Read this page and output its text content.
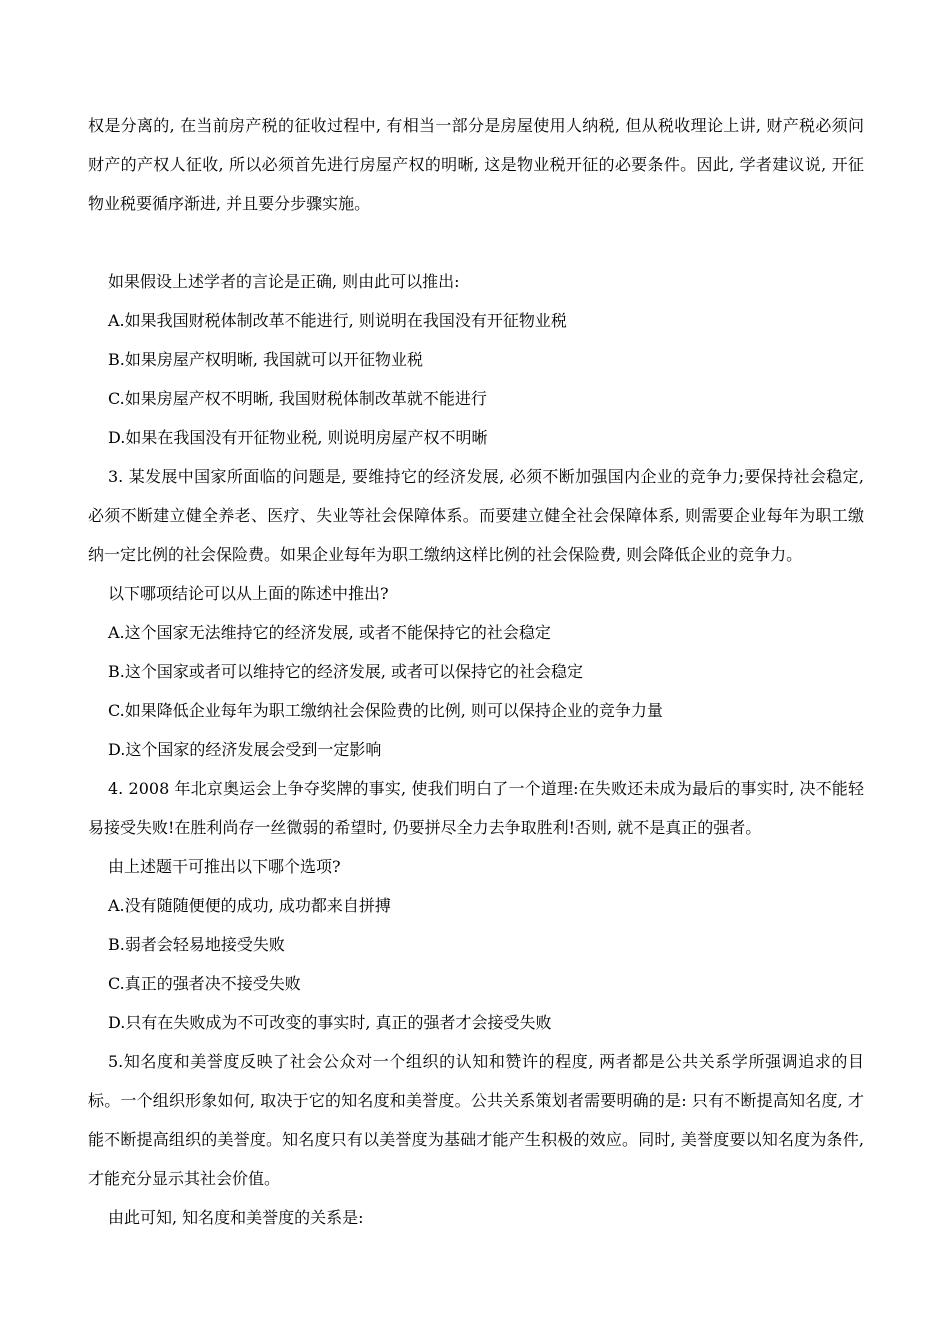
权是分离的, 在当前房产税的征收过程中, 有相当一部分是房屋使用人纳税, 但从税收理论上讲, 财产税必须问财产的产权人征收, 所以必须首先进行房屋产权的明晰, 这是物业税开征的必要条件。因此, 学者建议说, 开征物业税要循序渐进, 并且要分步骤实施。

如果假设上述学者的言论是正确, 则由此可以推出:

A.如果我国财税体制改革不能进行, 则说明在我国没有开征物业税

B.如果房屋产权明晰, 我国就可以开征物业税

C.如果房屋产权不明晰, 我国财税体制改革就不能进行

D.如果在我国没有开征物业税, 则说明房屋产权不明晰

3. 某发展中国家所面临的问题是, 要维持它的经济发展, 必须不断加强国内企业的竞争力;要保持社会稳定, 必须不断建立健全养老、医疗、失业等社会保障体系。而要建立健全社会保障体系, 则需要企业每年为职工缴纳一定比例的社会保险费。如果企业每年为职工缴纳这样比例的社会保险费, 则会降低企业的竞争力。

以下哪项结论可以从上面的陈述中推出?

A.这个国家无法维持它的经济发展, 或者不能保持它的社会稳定

B.这个国家或者可以维持它的经济发展, 或者可以保持它的社会稳定

C.如果降低企业每年为职工缴纳社会保险费的比例, 则可以保持企业的竞争力量

D.这个国家的经济发展会受到一定影响

4. 2008 年北京奥运会上争夺奖牌的事实, 使我们明白了一个道理:在失败还未成为最后的事实时, 决不能轻易接受失败!在胜利尚存一丝微弱的希望时, 仍要拼尽全力去争取胜利!否则, 就不是真正的强者。

由上述题干可推出以下哪个选项?

A.没有随随便便的成功, 成功都来自拼搏

B.弱者会轻易地接受失败

C.真正的强者决不接受失败

D.只有在失败成为不可改变的事实时, 真正的强者才会接受失败

5.知名度和美誉度反映了社会公众对一个组织的认知和赞许的程度, 两者都是公共关系学所强调追求的目标。一个组织形象如何, 取决于它的知名度和美誉度。公共关系策划者需要明确的是: 只有不断提高知名度, 才能不断提高组织的美誉度。知名度只有以美誉度为基础才能产生积极的效应。同时, 美誉度要以知名度为条件, 才能充分显示其社会价值。

由此可知, 知名度和美誉度的关系是:
